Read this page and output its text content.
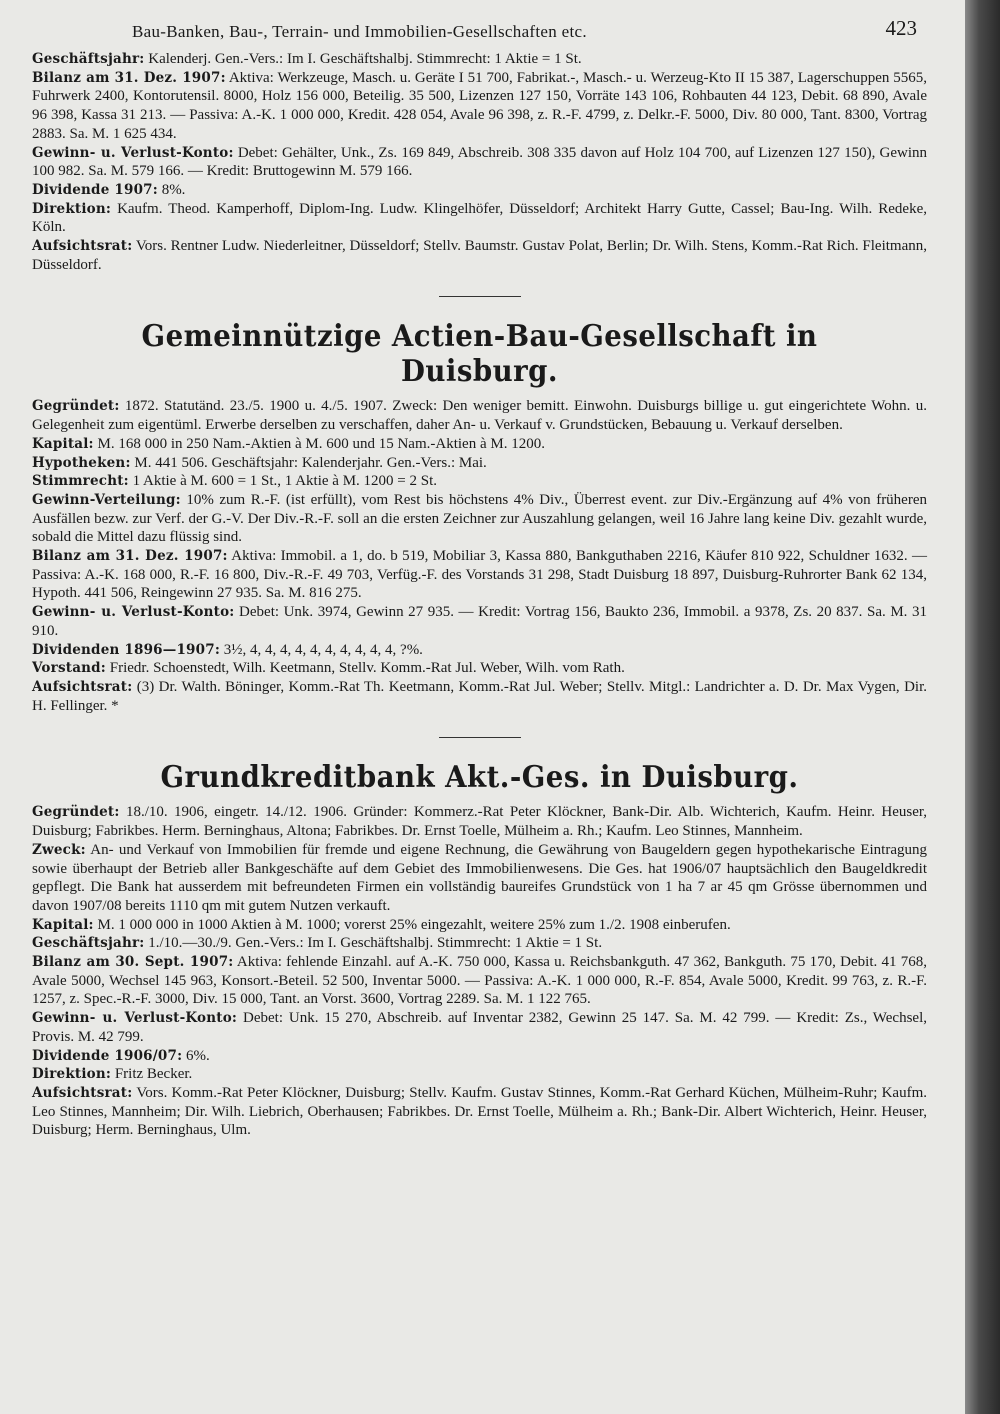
Bau-Banken, Bau-, Terrain- und Immobilien-Gesellschaften etc.	423

Geschäftsjahr: Kalenderj. Gen.-Vers.: Im I. Geschäftshalbj. Stimmrecht: 1 Aktie = 1 St.

Bilanz am 31. Dez. 1907: Aktiva: Werkzeuge, Masch. u. Geräte I 51 700, Fabrikat.-, Masch.- u. Werzeug-Kto II 15 387, Lagerschuppen 5565, Fuhrwerk 2400, Kontorutensil. 8000, Holz 156 000, Beteilig. 35 500, Lizenzen 127 150, Vorräte 143 106, Rohbauten 44 123, Debit. 68 890, Avale 96 398, Kassa 31 213. — Passiva: A.-K. 1 000 000, Kredit. 428 054, Avale 96 398, z. R.-F. 4799, z. Delkr.-F. 5000, Div. 80 000, Tant. 8300, Vortrag 2883. Sa. M. 1 625 434.

Gewinn- u. Verlust-Konto: Debet: Gehälter, Unk., Zs. 169 849, Abschreib. 308 335 davon auf Holz 104 700, auf Lizenzen 127 150), Gewinn 100 982. Sa. M. 579 166. — Kredit: Bruttogewinn M. 579 166.

Dividende 1907: 8%.

Direktion: Kaufm. Theod. Kamperhoff, Diplom-Ing. Ludw. Klingelhöfer, Düsseldorf; Architekt Harry Gutte, Cassel; Bau-Ing. Wilh. Redeke, Köln.

Aufsichtsrat: Vors. Rentner Ludw. Niederleitner, Düsseldorf; Stellv. Baumstr. Gustav Polat, Berlin; Dr. Wilh. Stens, Komm.-Rat Rich. Fleitmann, Düsseldorf.

Gemeinnützige Actien-Bau-Gesellschaft in Duisburg.

Gegründet: 1872. Statutänd. 23./5. 1900 u. 4./5. 1907. Zweck: Den weniger bemitt. Einwohn. Duisburgs billige u. gut eingerichtete Wohn. u. Gelegenheit zum eigentüml. Erwerbe derselben zu verschaffen, daher An- u. Verkauf v. Grundstücken, Bebauung u. Verkauf derselben.

Kapital: M. 168 000 in 250 Nam.-Aktien à M. 600 und 15 Nam.-Aktien à M. 1200.

Hypotheken: M. 441 506. Geschäftsjahr: Kalenderjahr. Gen.-Vers.: Mai.

Stimmrecht: 1 Aktie à M. 600 = 1 St., 1 Aktie à M. 1200 = 2 St.

Gewinn-Verteilung: 10% zum R.-F. (ist erfüllt), vom Rest bis höchstens 4% Div., Überrest event. zur Div.-Ergänzung auf 4% von früheren Ausfällen bezw. zur Verf. der G.-V. Der Div.-R.-F. soll an die ersten Zeichner zur Auszahlung gelangen, weil 16 Jahre lang keine Div. gezahlt wurde, sobald die Mittel dazu flüssig sind.

Bilanz am 31. Dez. 1907: Aktiva: Immobil. a 1, do. b 519, Mobiliar 3, Kassa 880, Bankguthaben 2216, Käufer 810 922, Schuldner 1632. — Passiva: A.-K. 168 000, R.-F. 16 800, Div.-R.-F. 49 703, Verfüg.-F. des Vorstands 31 298, Stadt Duisburg 18 897, Duisburg-Ruhrorter Bank 62 134, Hypoth. 441 506, Reingewinn 27 935. Sa. M. 816 275.

Gewinn- u. Verlust-Konto: Debet: Unk. 3974, Gewinn 27 935. — Kredit: Vortrag 156, Baukto 236, Immobil. a 9378, Zs. 20 837. Sa. M. 31 910.

Dividenden 1896—1907: 3½, 4, 4, 4, 4, 4, 4, 4, 4, 4, 4, ?%.

Vorstand: Friedr. Schoenstedt, Wilh. Keetmann, Stellv. Komm.-Rat Jul. Weber, Wilh. vom Rath.

Aufsichtsrat: (3) Dr. Walth. Böninger, Komm.-Rat Th. Keetmann, Komm.-Rat Jul. Weber; Stellv. Mitgl.: Landrichter a. D. Dr. Max Vygen, Dir. H. Fellinger. *

Grundkreditbank Akt.-Ges. in Duisburg.

Gegründet: 18./10. 1906, eingetr. 14./12. 1906. Gründer: Kommerz.-Rat Peter Klöckner, Bank-Dir. Alb. Wichterich, Kaufm. Heinr. Heuser, Duisburg; Fabrikbes. Herm. Berninghaus, Altona; Fabrikbes. Dr. Ernst Toelle, Mülheim a. Rh.; Kaufm. Leo Stinnes, Mannheim.

Zweck: An- und Verkauf von Immobilien für fremde und eigene Rechnung, die Gewährung von Baugeldern gegen hypothekarische Eintragung sowie überhaupt der Betrieb aller Bankgeschäfte auf dem Gebiet des Immobilienwesens. Die Ges. hat 1906/07 hauptsächlich den Baugeldkredit gepflegt. Die Bank hat ausserdem mit befreundeten Firmen ein vollständig baureifes Grundstück von 1 ha 7 ar 45 qm Grösse übernommen und davon 1907/08 bereits 1110 qm mit gutem Nutzen verkauft.

Kapital: M. 1 000 000 in 1000 Aktien à M. 1000; vorerst 25% eingezahlt, weitere 25% zum 1./2. 1908 einberufen.

Geschäftsjahr: 1./10.—30./9. Gen.-Vers.: Im I. Geschäftshalbj. Stimmrecht: 1 Aktie = 1 St.

Bilanz am 30. Sept. 1907: Aktiva: fehlende Einzahl. auf A.-K. 750 000, Kassa u. Reichsbankguth. 47 362, Bankguth. 75 170, Debit. 41 768, Avale 5000, Wechsel 145 963, Konsort.-Beteil. 52 500, Inventar 5000. — Passiva: A.-K. 1 000 000, R.-F. 854, Avale 5000, Kredit. 99 763, z. R.-F. 1257, z. Spec.-R.-F. 3000, Div. 15 000, Tant. an Vorst. 3600, Vortrag 2289. Sa. M. 1 122 765.

Gewinn- u. Verlust-Konto: Debet: Unk. 15 270, Abschreib. auf Inventar 2382, Gewinn 25 147. Sa. M. 42 799. — Kredit: Zs., Wechsel, Provis. M. 42 799.

Dividende 1906/07: 6%.

Direktion: Fritz Becker.

Aufsichtsrat: Vors. Komm.-Rat Peter Klöckner, Duisburg; Stellv. Kaufm. Gustav Stinnes, Komm.-Rat Gerhard Küchen, Mülheim-Ruhr; Kaufm. Leo Stinnes, Mannheim; Dir. Wilh. Liebrich, Oberhausen; Fabrikbes. Dr. Ernst Toelle, Mülheim a. Rh.; Bank-Dir. Albert Wichterich, Heinr. Heuser, Duisburg; Herm. Berninghaus, Ulm.
